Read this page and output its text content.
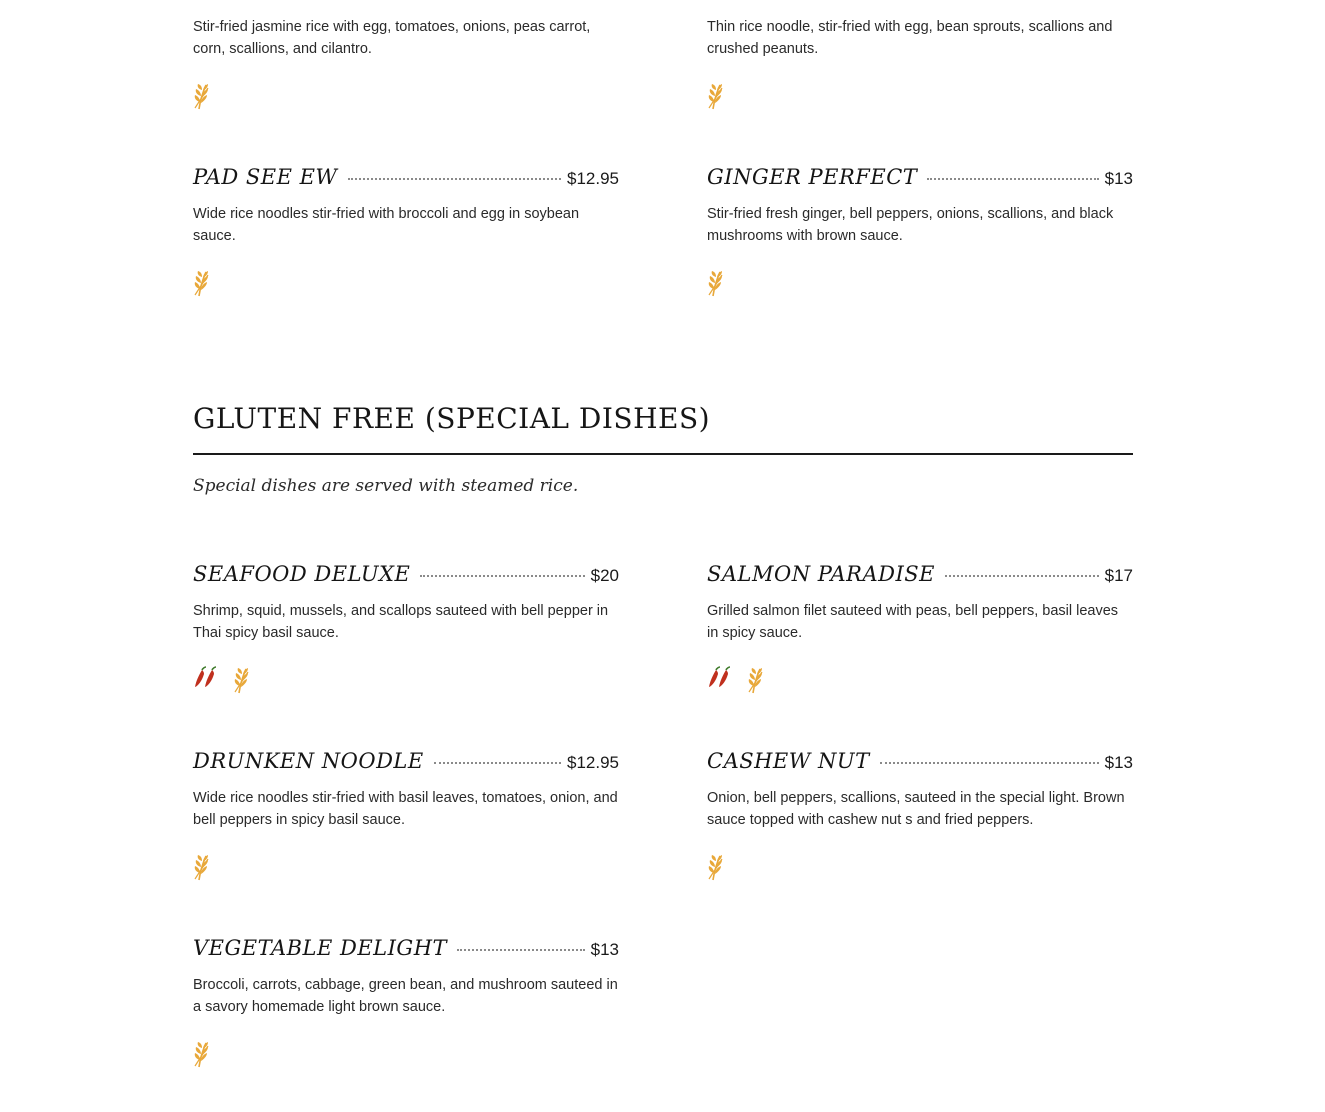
Stir-fried jasmine rice with egg, tomatoes, onions, peas carrot, corn, scallions, and cilantro.
Thin rice noodle, stir-fried with egg, bean sprouts, scallions and crushed peanuts.
PAD SEE EW	$12.95
Wide rice noodles stir-fried with broccoli and egg in soybean sauce.
GINGER PERFECT	$13
Stir-fried fresh ginger, bell peppers, onions, scallions, and black mushrooms with brown sauce.
GLUTEN FREE (SPECIAL DISHES)
Special dishes are served with steamed rice.
SEAFOOD DELUXE	$20
Shrimp, squid, mussels, and scallops sauteed with bell pepper in Thai spicy basil sauce.
SALMON PARADISE	$17
Grilled salmon filet sauteed with peas, bell peppers, basil leaves in spicy sauce.
DRUNKEN NOODLE	$12.95
Wide rice noodles stir-fried with basil leaves, tomatoes, onion, and bell peppers in spicy basil sauce.
CASHEW NUT	$13
Onion, bell peppers, scallions, sauteed in the special light. Brown sauce topped with cashew nut s and fried peppers.
VEGETABLE DELIGHT	$13
Broccoli, carrots, cabbage, green bean, and mushroom sauteed in a savory homemade light brown sauce.
